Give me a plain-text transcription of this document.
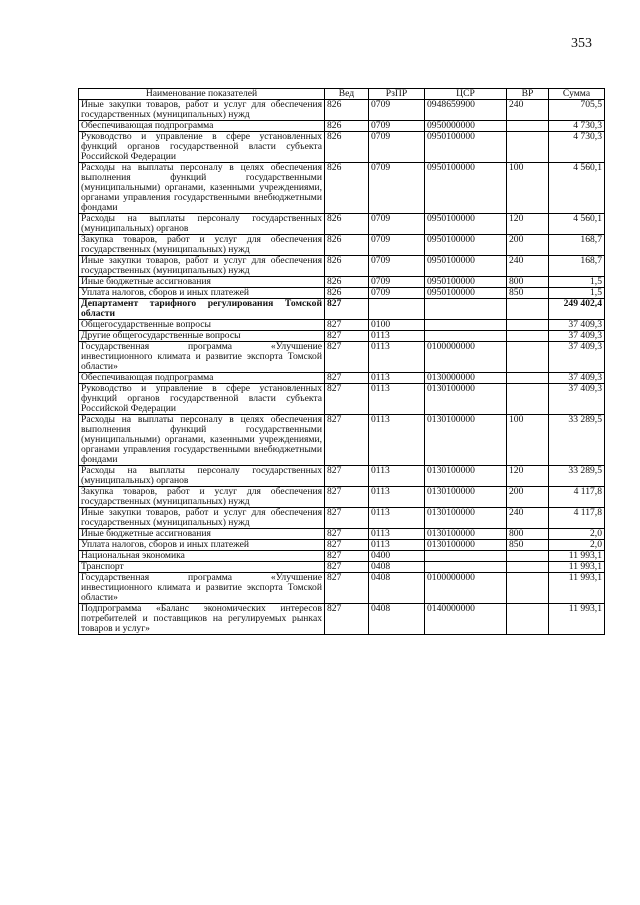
353
Наименование показателей	Вед	РзПР	ЦСР	ВР	Сумма
Иные закупки товаров, работ и услуг для обеспечения государственных (муниципальных) нужд	826	0709	0948659900	240	705,5
Обеспечивающая подпрограмма	826	0709	0950000000		4 730,3
Руководство и управление в сфере установленных функций органов государственной власти субъекта Российской Федерации	826	0709	0950100000		4 730,3
Расходы на выплаты персоналу в целях обеспечения выполнения функций государственными (муниципальными) органами, казенными учреждениями, органами управления государственными внебюджетными фондами	826	0709	0950100000	100	4 560,1
Расходы на выплаты персоналу государственных (муниципальных) органов	826	0709	0950100000	120	4 560,1
Закупка товаров, работ и услуг для обеспечения государственных (муниципальных) нужд	826	0709	0950100000	200	168,7
Иные закупки товаров, работ и услуг для обеспечения государственных (муниципальных) нужд	826	0709	0950100000	240	168,7
Иные бюджетные ассигнования	826	0709	0950100000	800	1,5
Уплата налогов, сборов и иных платежей	826	0709	0950100000	850	1,5
Департамент тарифного регулирования Томской области	827				249 402,4
Общегосударственные вопросы	827	0100			37 409,3
Другие общегосударственные вопросы	827	0113			37 409,3
Государственная программа «Улучшение инвестиционного климата и развитие экспорта Томской области»	827	0113	0100000000		37 409,3
Обеспечивающая подпрограмма	827	0113	0130000000		37 409,3
Руководство и управление в сфере установленных функций органов государственной власти субъекта Российской Федерации	827	0113	0130100000		37 409,3
Расходы на выплаты персоналу в целях обеспечения выполнения функций государственными (муниципальными) органами, казенными учреждениями, органами управления государственными внебюджетными фондами	827	0113	0130100000	100	33 289,5
Расходы на выплаты персоналу государственных (муниципальных) органов	827	0113	0130100000	120	33 289,5
Закупка товаров, работ и услуг для обеспечения государственных (муниципальных) нужд	827	0113	0130100000	200	4 117,8
Иные закупки товаров, работ и услуг для обеспечения государственных (муниципальных) нужд	827	0113	0130100000	240	4 117,8
Иные бюджетные ассигнования	827	0113	0130100000	800	2,0
Уплата налогов, сборов и иных платежей	827	0113	0130100000	850	2,0
Национальная экономика	827	0400			11 993,1
Транспорт	827	0408			11 993,1
Государственная программа «Улучшение инвестиционного климата и развитие экспорта Томской области»	827	0408	0100000000		11 993,1
Подпрограмма «Баланс экономических интересов потребителей и поставщиков на регулируемых рынках товаров и услуг»	827	0408	0140000000		11 993,1
